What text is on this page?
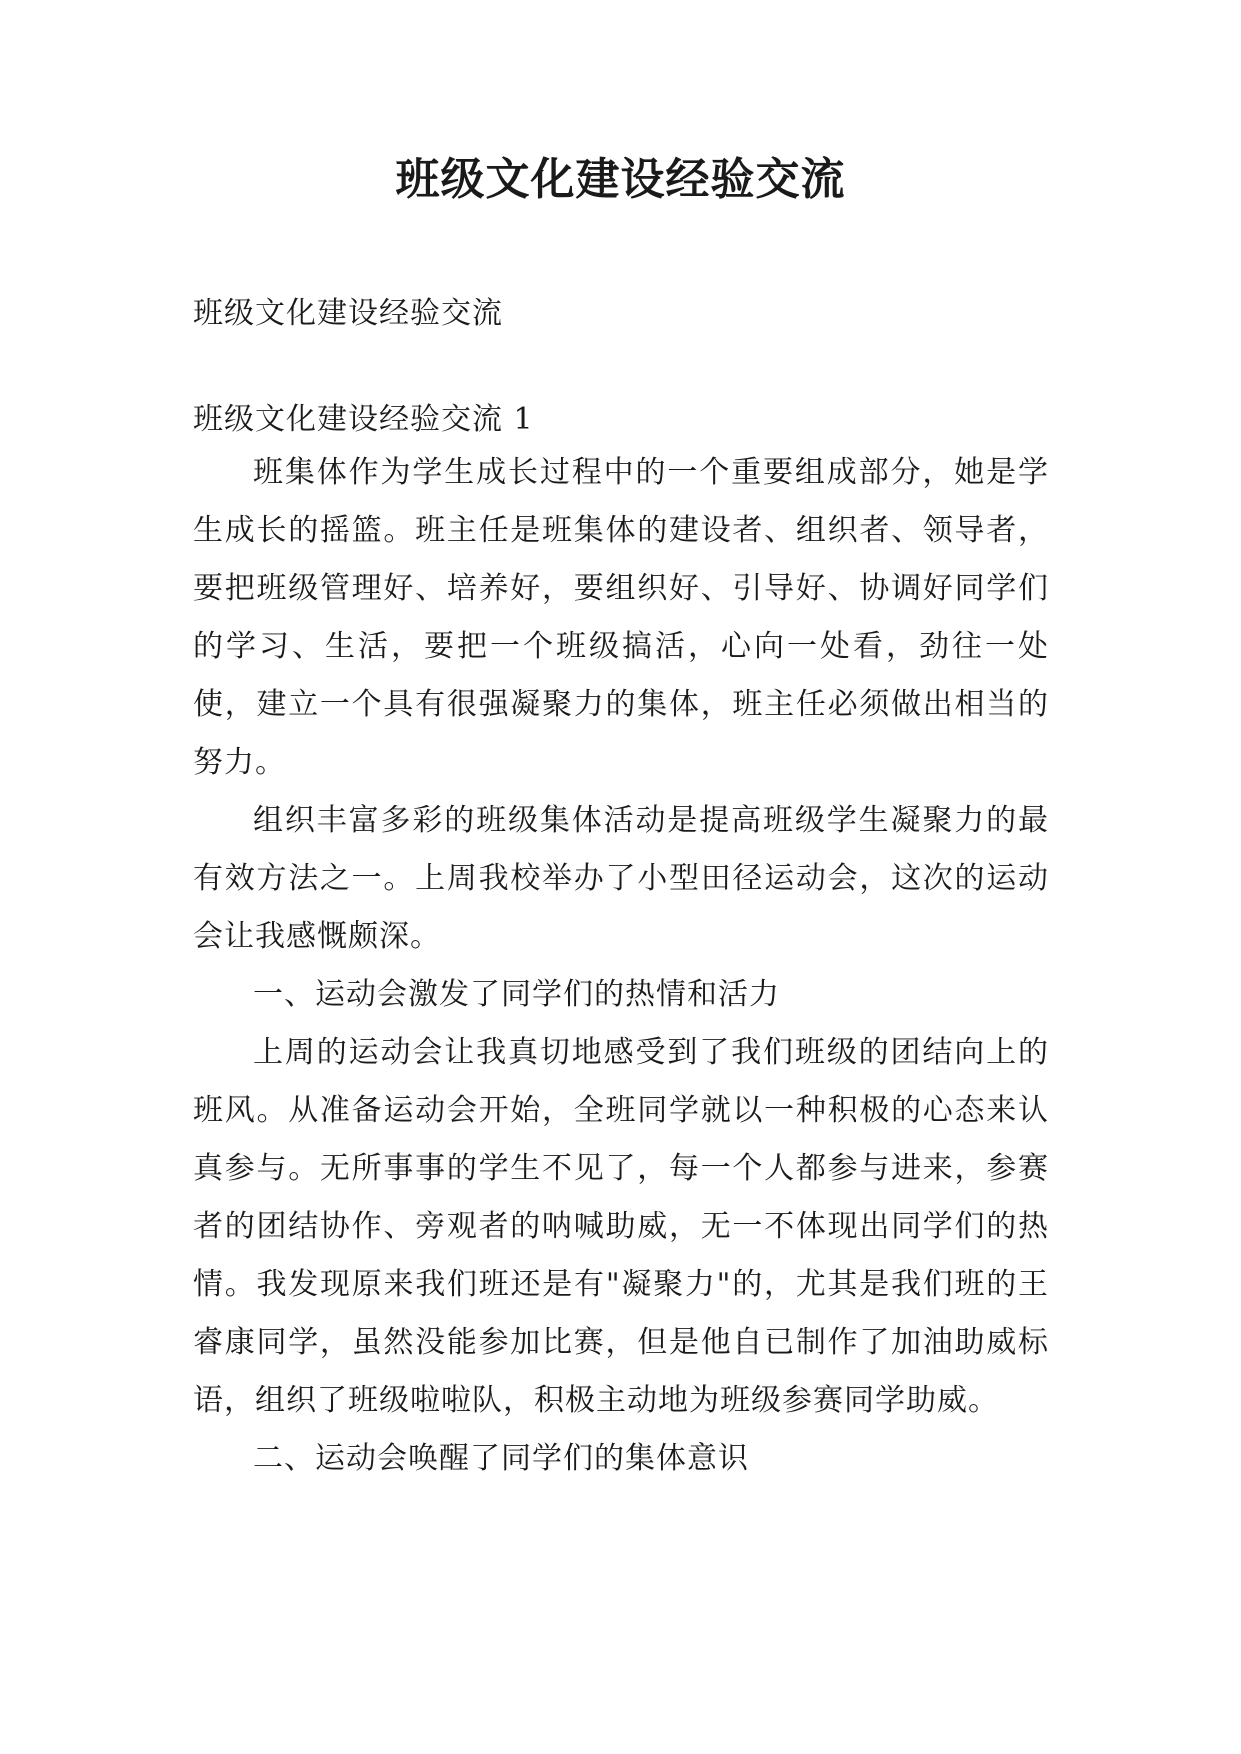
班级文化建设经验交流

班级文化建设经验交流

班级文化建设经验交流 1

班集体作为学生成长过程中的一个重要组成部分，她是学生成长的摇篮。班主任是班集体的建设者、组织者、领导者，要把班级管理好、培养好，要组织好、引导好、协调好同学们的学习、生活，要把一个班级搞活，心向一处看，劲往一处使，建立一个具有很强凝聚力的集体，班主任必须做出相当的努力。

组织丰富多彩的班级集体活动是提高班级学生凝聚力的最有效方法之一。上周我校举办了小型田径运动会，这次的运动会让我感慨颇深。

一、运动会激发了同学们的热情和活力

上周的运动会让我真切地感受到了我们班级的团结向上的班风。从准备运动会开始，全班同学就以一种积极的心态来认真参与。无所事事的学生不见了，每一个人都参与进来，参赛者的团结协作、旁观者的呐喊助威，无一不体现出同学们的热情。我发现原来我们班还是有"凝聚力"的，尤其是我们班的王睿康同学，虽然没能参加比赛，但是他自已制作了加油助威标语，组织了班级啦啦队，积极主动地为班级参赛同学助威。

二、运动会唤醒了同学们的集体意识
